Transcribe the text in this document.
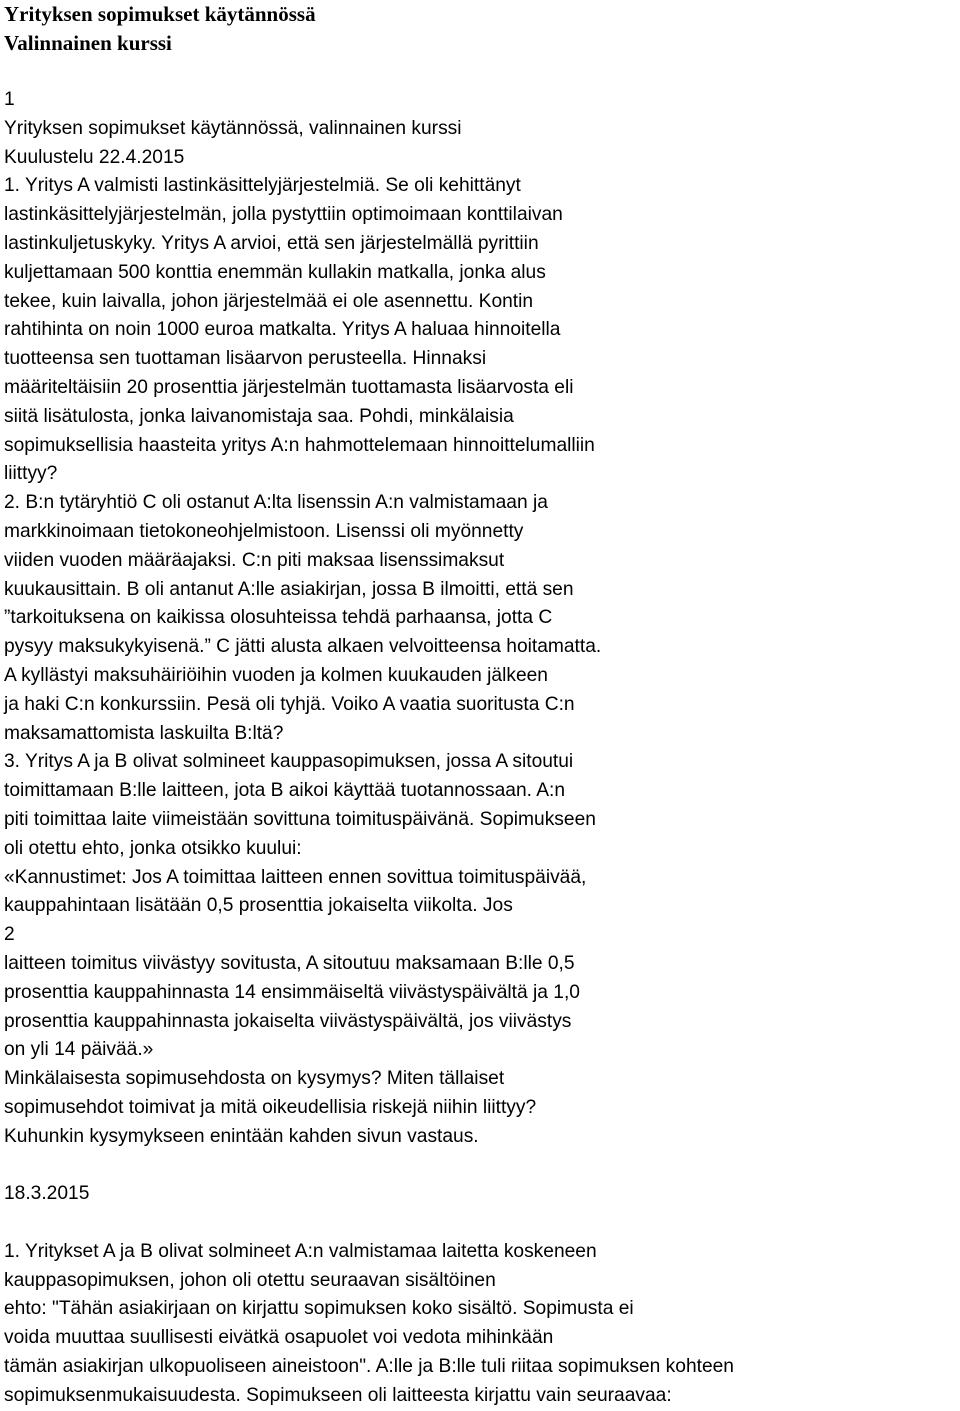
Yrityksen sopimukset käytännössä
Valinnainen kurssi
1
Yrityksen sopimukset käytännössä, valinnainen kurssi
Kuulustelu 22.4.2015
1. Yritys A valmisti lastinkäsittelyjärjestelmiä. Se oli kehittänyt
lastinkäsittelyjärjestelmän, jolla pystyttiin optimoimaan konttilaivan
lastinkuljetuskyky. Yritys A arvioi, että sen järjestelmällä pyrittiin
kuljettamaan 500 konttia enemmän kullakin matkalla, jonka alus
tekee, kuin laivalla, johon järjestelmää ei ole asennettu. Kontin
rahtihinta on noin 1000 euroa matkalta. Yritys A haluaa hinnoitella
tuotteensa sen tuottaman lisäarvon perusteella. Hinnaksi
määriteltäisiin 20 prosenttia järjestelmän tuottamasta lisäarvosta eli
siitä lisätulosta, jonka laivanomistaja saa. Pohdi, minkälaisia
sopimuksellisia haasteita yritys A:n hahmottelemaan hinnoittelumalliin
liittyy?
2. B:n tytäryhtiö C oli ostanut A:lta lisenssin A:n valmistamaan ja
markkinoimaan tietokoneohjelmistoon. Lisenssi oli myönnetty
viiden vuoden määräajaksi. C:n piti maksaa lisenssimaksut
kuukausittain. B oli antanut A:lle asiakirjan, jossa B ilmoitti, että sen
”tarkoituksena on kaikissa olosuhteissa tehdä parhaansa, jotta C
pysyy maksukykyisenä.” C jätti alusta alkaen velvoitteensa hoitamatta.
A kyllästyi maksuhäiriöihin vuoden ja kolmen kuukauden jälkeen
ja haki C:n konkurssiin. Pesä oli tyhjä. Voiko A vaatia suoritusta C:n
maksamattomista laskuilta B:ltä?
3. Yritys A ja B olivat solmineet kauppasopimuksen, jossa A sitoutui
toimittamaan B:lle laitteen, jota B aikoi käyttää tuotannossaan. A:n
piti toimittaa laite viimeistään sovittuna toimituspäivänä. Sopimukseen
oli otettu ehto, jonka otsikko kuului:
«Kannustimet: Jos A toimittaa laitteen ennen sovittua toimituspäivää,
kauppahintaan lisätään 0,5 prosenttia jokaiselta viikolta. Jos
2
laitteen toimitus viivästyy sovitusta, A sitoutuu maksamaan B:lle 0,5
prosenttia kauppahinnasta 14 ensimmäiseltä viivästyspäivältä ja 1,0
prosenttia kauppahinnasta jokaiselta viivästyspäivältä, jos viivästys
on yli 14 päivää.»
Minkälaisesta sopimusehdosta on kysymys? Miten tällaiset
sopimusehdot toimivat ja mitä oikeudellisia riskejä niihin liittyy?
Kuhunkin kysymykseen enintään kahden sivun vastaus.
18.3.2015
1. Yritykset A ja B olivat solmineet A:n valmistamaa laitetta koskeneen
kauppasopimuksen, johon oli otettu seuraavan sisältöinen
ehto: "Tähän asiakirjaan on kirjattu sopimuksen koko sisältö. Sopimusta ei
voida muuttaa suullisesti eivätkä osapuolet voi vedota mihinkään
tämän asiakirjan ulkopuoliseen aineistoon". A:lle ja B:lle tuli riitaa sopimuksen kohteen
sopimuksenmukaisuudesta. Sopimukseen oli laitteesta kirjattu vain seuraavaa:
